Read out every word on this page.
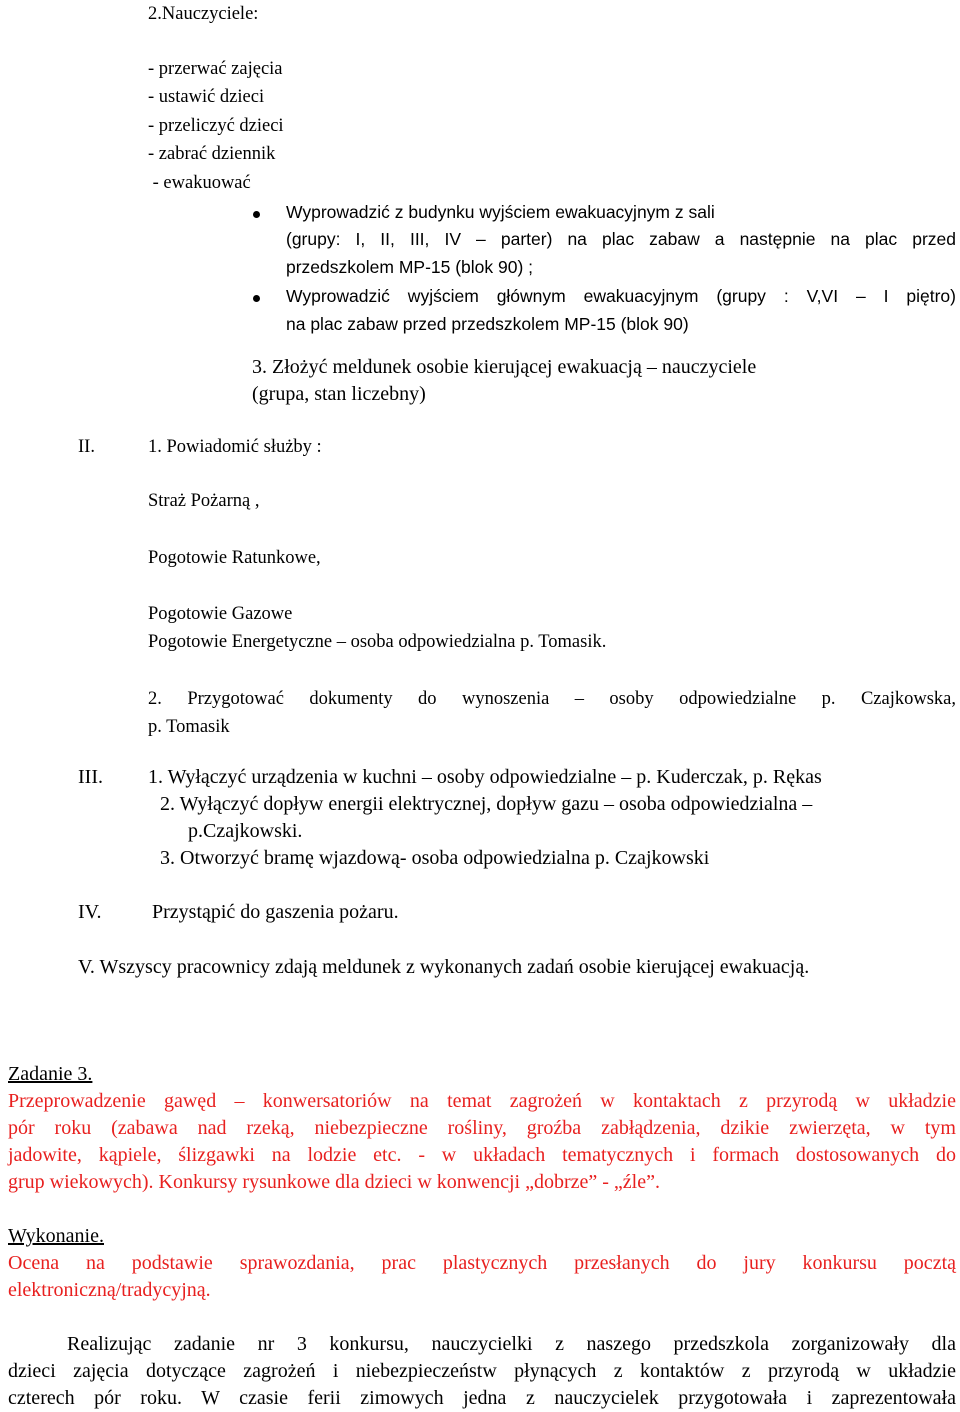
2.Nauczyciele:
- przerwać zajęcia
- ustawić dzieci
- przeliczyć dzieci
- zabrać dziennik
- ewakuować
Wyprowadzić z budynku wyjściem ewakuacyjnym z sali
(grupy: I, II, III, IV – parter) na plac zabaw a następnie na plac przed
przedszkolem MP-15 (blok 90) ;
Wyprowadzić wyjściem głównym ewakuacyjnym (grupy : V,VI – I piętro)
na plac zabaw przed przedszkolem MP-15 (blok 90)
3. Złożyć meldunek osobie kierującej ewakuacją – nauczyciele
(grupa, stan liczebny)
II.	1. Powiadomić służby :
Straż Pożarną ,
Pogotowie Ratunkowe,
Pogotowie Gazowe
Pogotowie Energetyczne – osoba odpowiedzialna p. Tomasik.
2. Przygotować dokumenty do wynoszenia – osoby odpowiedzialne p. Czajkowska,
p. Tomasik
III. 1. Wyłączyć urządzenia w kuchni – osoby odpowiedzialne – p. Kuderczak, p. Rękas
2. Wyłączyć dopływ energii elektrycznej, dopływ gazu – osoba odpowiedzialna –
p.Czajkowski.
3. Otworzyć bramę wjazdową- osoba odpowiedzialna p. Czajkowski
IV.	Przystąpić do gaszenia pożaru.
V. Wszyscy pracownicy zdają meldunek z wykonanych zadań osobie kierującej ewakuacją.
Zadanie 3.
Przeprowadzenie gawęd – konwersatoriów na temat zagrożeń w kontaktach z przyrodą w układzie
pór roku (zabawa nad rzeką, niebezpieczne rośliny, groźba zabłądzenia, dzikie zwierzęta, w tym
jadowite, kąpiele, ślizgawki na lodzie etc. - w układach tematycznych i formach dostosowanych do
grup wiekowych). Konkursy rysunkowe dla dzieci w konwencji „dobrze” - „źle”.
Wykonanie.
Ocena na podstawie sprawozdania, prac plastycznych przesłanych do jury konkursu pocztą
elektroniczną/tradycyjną.
Realizując zadanie nr 3 konkursu, nauczycielki z naszego przedszkola zorganizowały dla
dzieci zajęcia dotyczące zagrożeń i niebezpieczeństw płynących z kontaktów z przyrodą w układzie
czterech pór roku. W czasie ferii zimowych jedna z nauczycielek przygotowała i zaprezentowała
